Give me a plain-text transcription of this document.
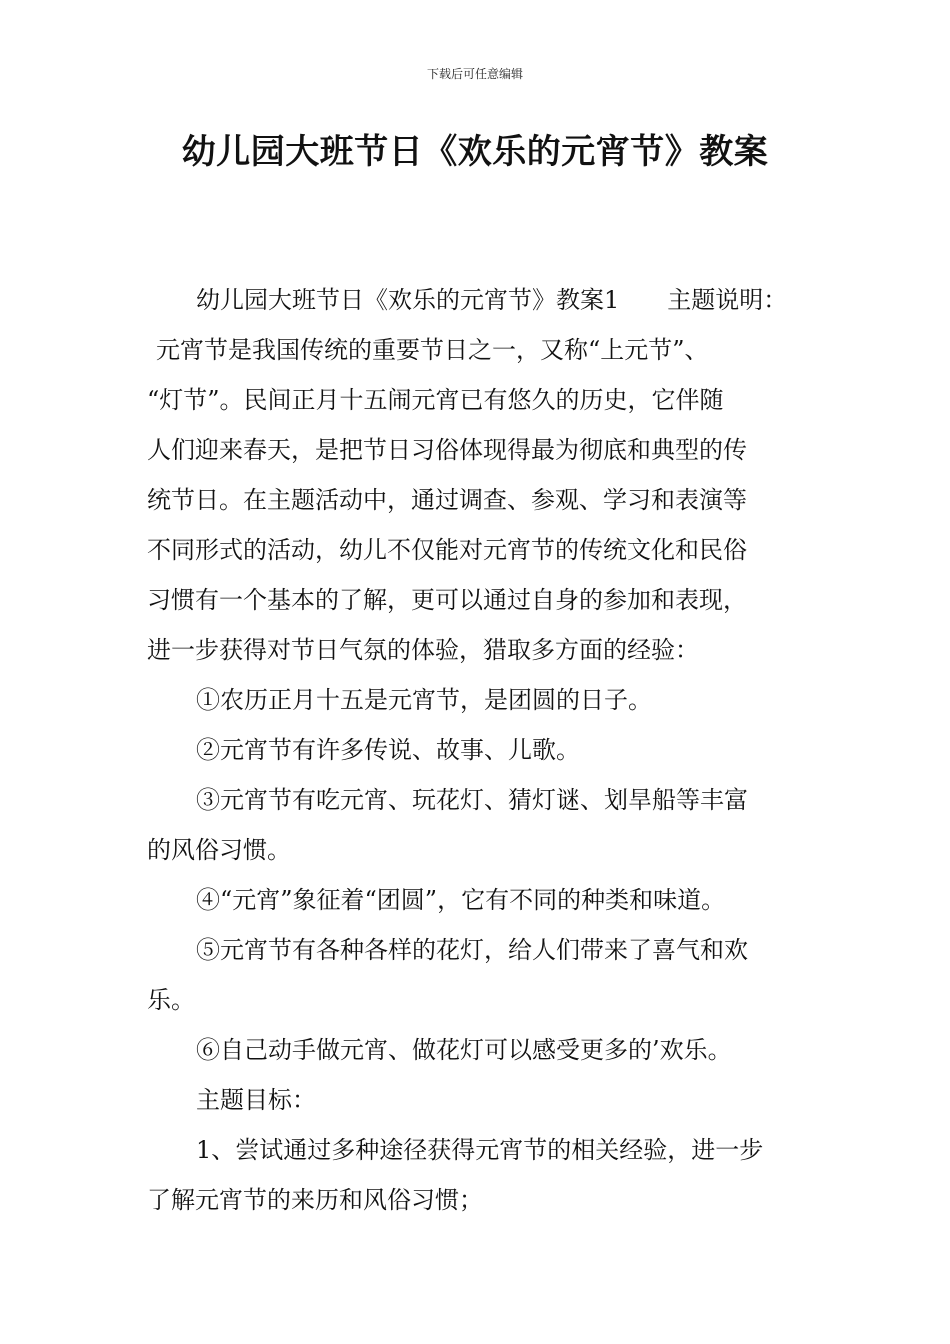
下载后可任意编辑
幼儿园大班节日《欢乐的元宵节》教案

幼儿园大班节日《欢乐的元宵节》教案1 主题说明：

元宵节是我国传统的重要节日之一，又称“上元节”、

“灯节”。民间正月十五闹元宵已有悠久的历史，它伴随

人们迎来春天，是把节日习俗体现得最为彻底和典型的传

统节日。在主题活动中，通过调查、参观、学习和表演等

不同形式的活动，幼儿不仅能对元宵节的传统文化和民俗

习惯有一个基本的了解，更可以通过自身的参加和表现，

进一步获得对节日气氛的体验，猎取多方面的经验：

①农历正月十五是元宵节，是团圆的日子。

②元宵节有许多传说、故事、儿歌。

③元宵节有吃元宵、玩花灯、猜灯谜、划旱船等丰富

的风俗习惯。

④“元宵”象征着“团圆”，它有不同的种类和味道。

⑤元宵节有各种各样的花灯，给人们带来了喜气和欢

乐。

⑥自己动手做元宵、做花灯可以感受更多的’欢乐。

主题目标：

1、尝试通过多种途径获得元宵节的相关经验，进一步

了解元宵节的来历和风俗习惯；
